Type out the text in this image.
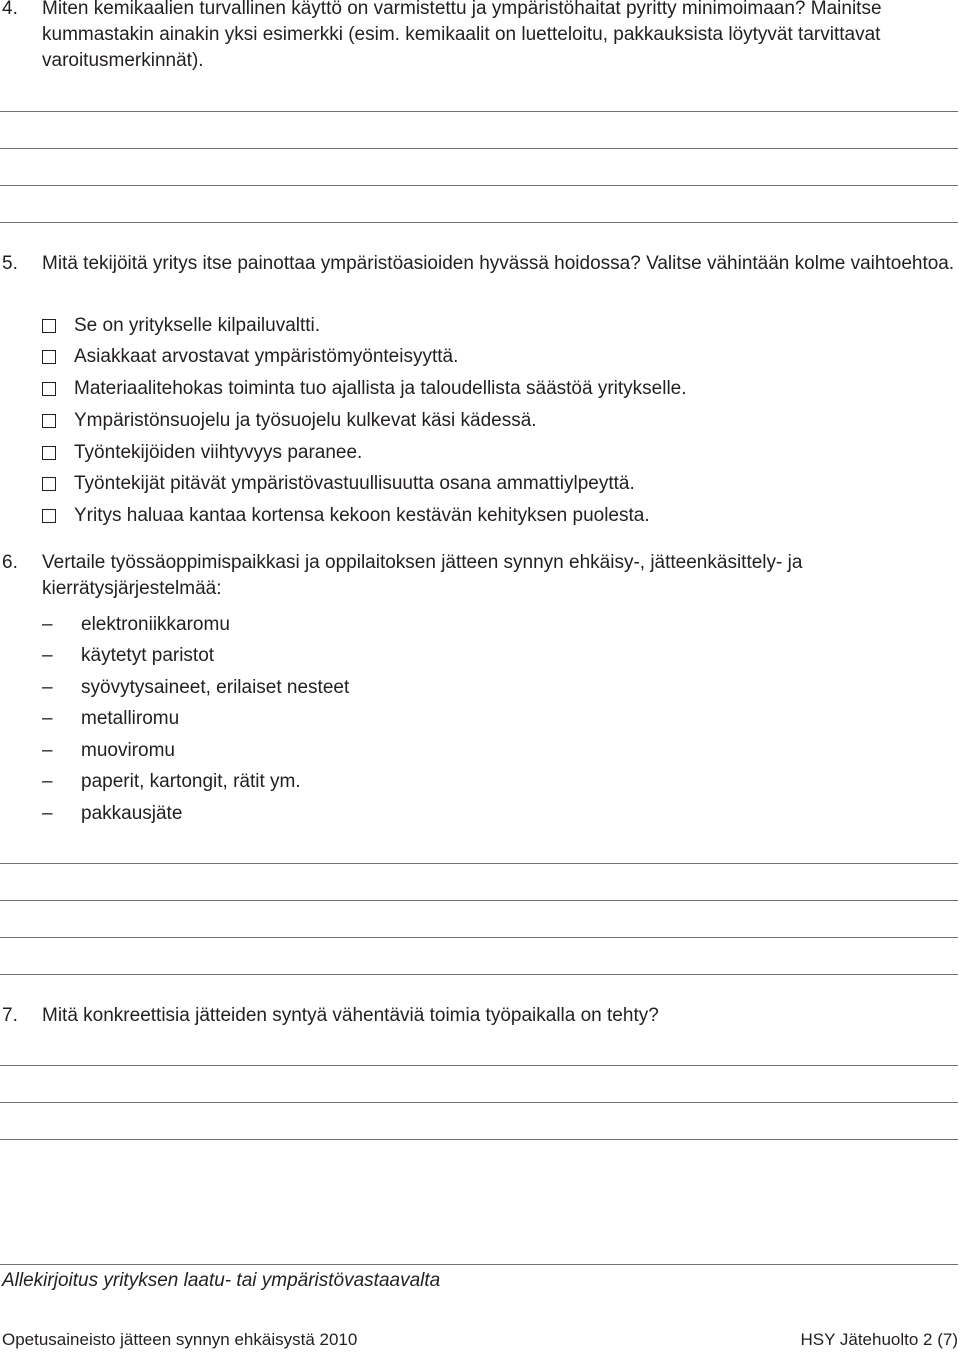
4. Miten kemikaalien turvallinen käyttö on varmistettu ja ympäristöhaitat pyritty minimoimaan? Mainitse kummastakin ainakin yksi esimerkki (esim. kemikaalit on luetteloitu, pakkauksista löytyvät tarvittavat varoitusmerkinnät).
5. Mitä tekijöitä yritys itse painottaa ympäristöasioiden hyvässä hoidossa? Valitse vähintään kolme vaihtoehtoa.
Se on yritykselle kilpailuvaltti.
Asiakkaat arvostavat ympäristömyönteisyyttä.
Materiaalitehokas toiminta tuo ajallista ja taloudellista säästöä yritykselle.
Ympäristönsuojelu ja työsuojelu kulkevat käsi kädessä.
Työntekijöiden viihtyvyys paranee.
Työntekijät pitävät ympäristövastuullisuutta osana ammattiylpeyttä.
Yritys haluaa kantaa kortensa kekoon kestävän kehityksen puolesta.
6. Vertaile työssäoppimispaikkasi ja oppilaitoksen jätteen synnyn ehkäisy-, jätteenkäsittely- ja kierrätysjärjestelmää:
– elektroniikkaromu
– käytetyt paristot
– syövytysaineet, erilaiset nesteet
– metalliromu
– muoviromu
– paperit, kartongit, rätit ym.
– pakkausjäte
7. Mitä konkreettisia jätteiden syntyä vähentäviä toimia työpaikalla on tehty?
Allekirjoitus yrityksen laatu- tai ympäristövastaavalta
Opetusaineisto jätteen synnyn ehkäisystä 2010	HSY Jätehuolto 2 (7)
